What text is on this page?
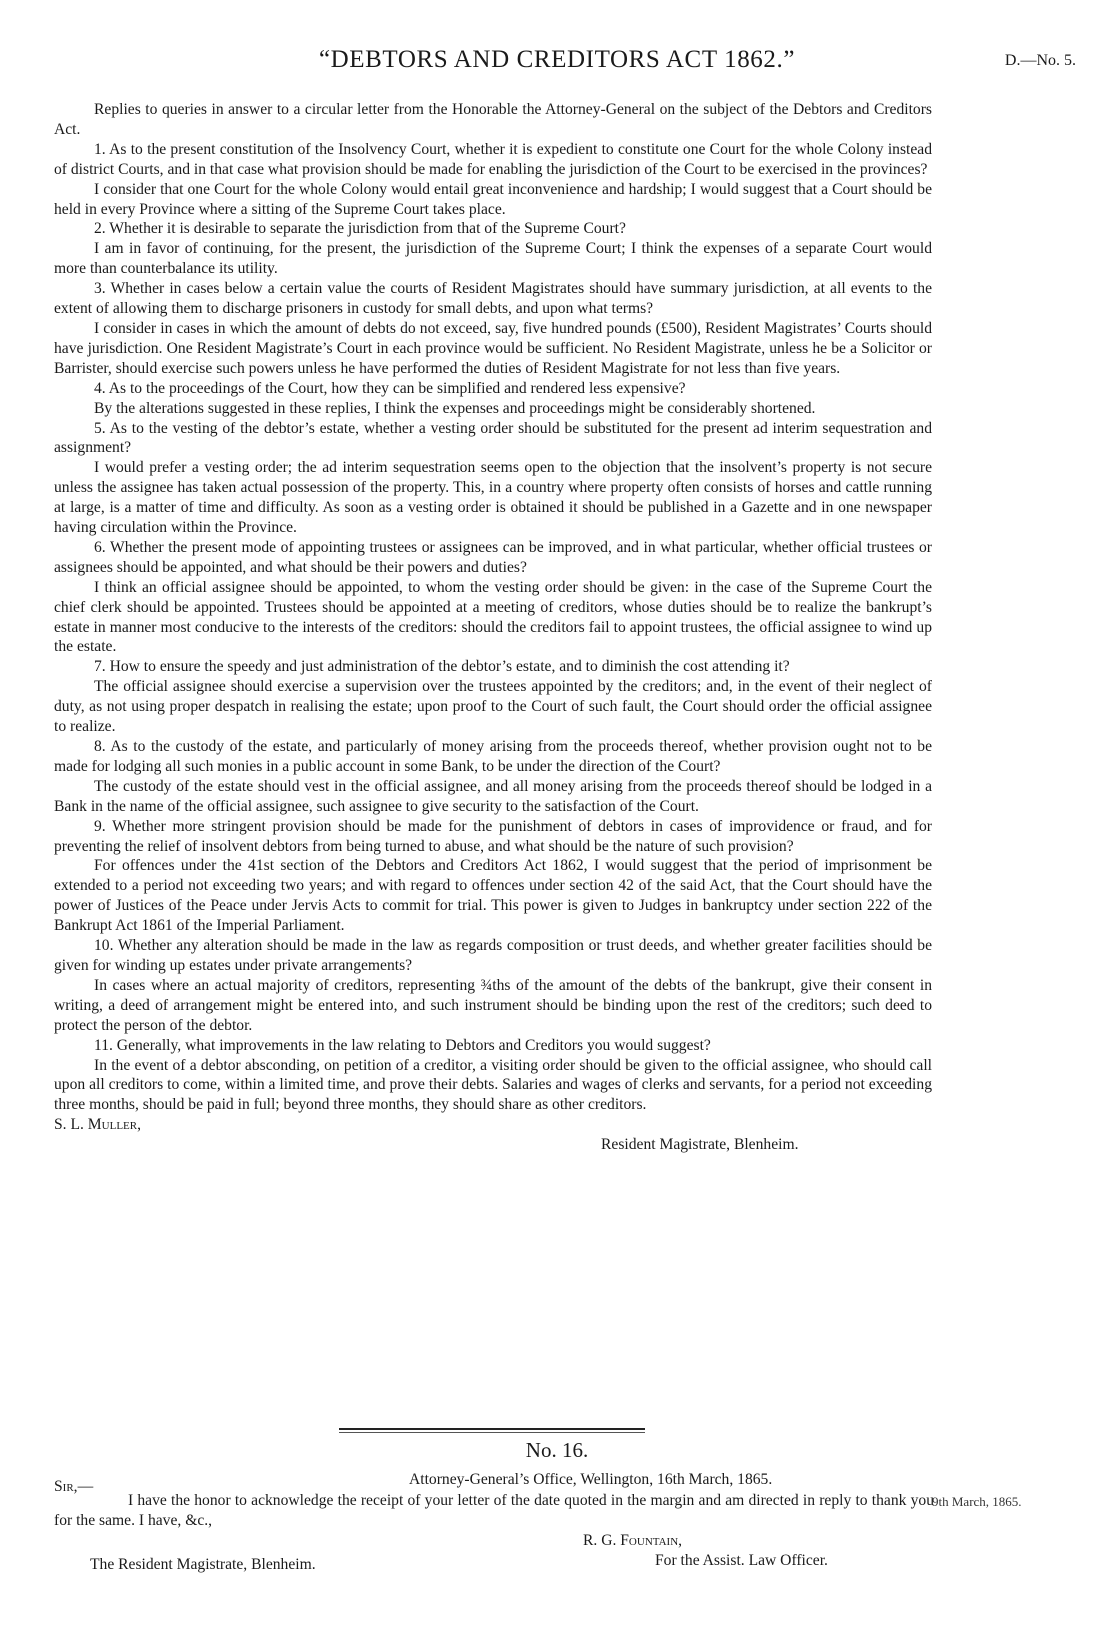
“DEBTORS AND CREDITORS ACT 1862.”	D.—No. 5.

Replies to queries in answer to a circular letter from the Honorable the Attorney-General on the subject of the Debtors and Creditors Act.

1. As to the present constitution of the Insolvency Court, whether it is expedient to constitute one Court for the whole Colony instead of district Courts, and in that case what provision should be made for enabling the jurisdiction of the Court to be exercised in the provinces?

I consider that one Court for the whole Colony would entail great inconvenience and hardship; I would suggest that a Court should be held in every Province where a sitting of the Supreme Court takes place.

2. Whether it is desirable to separate the jurisdiction from that of the Supreme Court?

I am in favor of continuing, for the present, the jurisdiction of the Supreme Court; I think the expenses of a separate Court would more than counterbalance its utility.

3. Whether in cases below a certain value the courts of Resident Magistrates should have summary jurisdiction, at all events to the extent of allowing them to discharge prisoners in custody for small debts, and upon what terms?

I consider in cases in which the amount of debts do not exceed, say, five hundred pounds (£500), Resident Magistrates’ Courts should have jurisdiction. One Resident Magistrate’s Court in each province would be sufficient. No Resident Magistrate, unless he be a Solicitor or Barrister, should exercise such powers unless he have performed the duties of Resident Magistrate for not less than five years.

4. As to the proceedings of the Court, how they can be simplified and rendered less expensive?

By the alterations suggested in these replies, I think the expenses and proceedings might be considerably shortened.

5. As to the vesting of the debtor’s estate, whether a vesting order should be substituted for the present ad interim sequestration and assignment?

I would prefer a vesting order; the ad interim sequestration seems open to the objection that the insolvent’s property is not secure unless the assignee has taken actual possession of the property. This, in a country where property often consists of horses and cattle running at large, is a matter of time and difficulty. As soon as a vesting order is obtained it should be published in a Gazette and in one newspaper having circulation within the Province.

6. Whether the present mode of appointing trustees or assignees can be improved, and in what particular, whether official trustees or assignees should be appointed, and what should be their powers and duties?

I think an official assignee should be appointed, to whom the vesting order should be given: in the case of the Supreme Court the chief clerk should be appointed. Trustees should be appointed at a meeting of creditors, whose duties should be to realize the bankrupt’s estate in manner most conducive to the interests of the creditors: should the creditors fail to appoint trustees, the official assignee to wind up the estate.

7. How to ensure the speedy and just administration of the debtor’s estate, and to diminish the cost attending it?

The official assignee should exercise a supervision over the trustees appointed by the creditors; and, in the event of their neglect of duty, as not using proper despatch in realising the estate; upon proof to the Court of such fault, the Court should order the official assignee to realize.

8. As to the custody of the estate, and particularly of money arising from the proceeds thereof, whether provision ought not to be made for lodging all such monies in a public account in some Bank, to be under the direction of the Court?

The custody of the estate should vest in the official assignee, and all money arising from the proceeds thereof should be lodged in a Bank in the name of the official assignee, such assignee to give security to the satisfaction of the Court.

9. Whether more stringent provision should be made for the punishment of debtors in cases of improvidence or fraud, and for preventing the relief of insolvent debtors from being turned to abuse, and what should be the nature of such provision?

For offences under the 41st section of the Debtors and Creditors Act 1862, I would suggest that the period of imprisonment be extended to a period not exceeding two years; and with regard to offences under section 42 of the said Act, that the Court should have the power of Justices of the Peace under Jervis Acts to commit for trial. This power is given to Judges in bankruptcy under section 222 of the Bankrupt Act 1861 of the Imperial Parliament.

10. Whether any alteration should be made in the law as regards composition or trust deeds, and whether greater facilities should be given for winding up estates under private arrangements?

In cases where an actual majority of creditors, representing ¾ths of the amount of the debts of the bankrupt, give their consent in writing, a deed of arrangement might be entered into, and such instrument should be binding upon the rest of the creditors; such deed to protect the person of the debtor.

11. Generally, what improvements in the law relating to Debtors and Creditors you would suggest?

In the event of a debtor absconding, on petition of a creditor, a visiting order should be given to the official assignee, who should call upon all creditors to come, within a limited time, and prove their debts. Salaries and wages of clerks and servants, for a period not exceeding three months, should be paid in full; beyond three months, they should share as other creditors.

S. L. Muller,

Resident Magistrate, Blenheim.

No. 16.
Sir,—	Attorney-General’s Office, Wellington, 16th March, 1865.
I have the honor to acknowledge the receipt of your letter of the date quoted in the margin and am directed in reply to thank you for the same. I have, &c.,
9th March, 1865.
R. G. Fountain,
For the Assist. Law Officer.
The Resident Magistrate, Blenheim.
